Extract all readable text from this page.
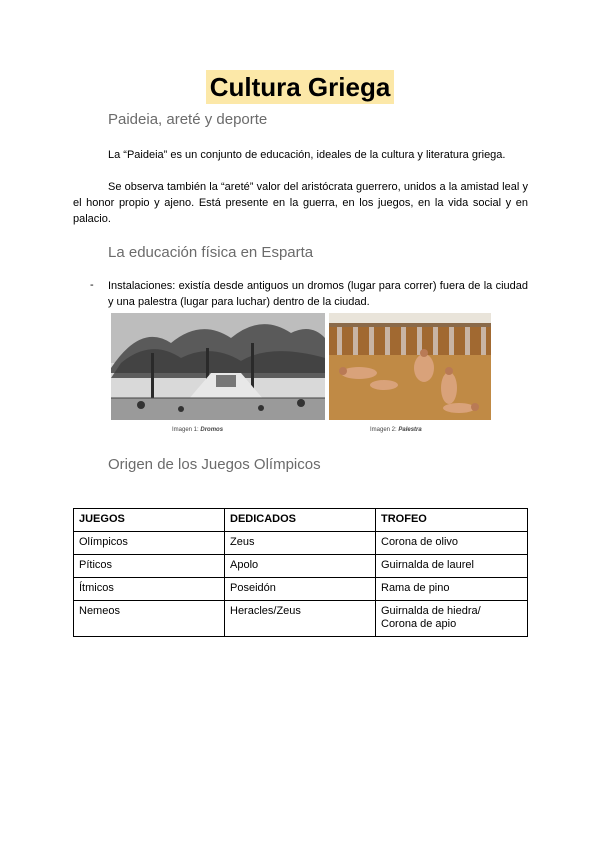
Cultura Griega
Paideia, areté y deporte

La “Paideia” es un conjunto de educación, ideales de la cultura y literatura griega.

Se observa también la “areté” valor del aristócrata guerrero, unidos a la amistad leal y el honor propio y ajeno. Está presente en la guerra, en los juegos, en la vida social y en palacio.

La educación física en Esparta
- Instalaciones: existía desde antiguos un dromos (lugar para correr) fuera de la ciudad y una palestra (lugar para luchar) dentro de la ciudad.
Imagen 1: Dromos	Imagen 2: Palestra
Origen de los Juegos Olímpicos
JUEGOS	DEDICADOS	TROFEO
Olímpicos	Zeus	Corona de olivo
Píticos	Apolo	Guirnalda de laurel
Ítmicos	Poseidón	Rama de pino
Nemeos	Heracles/Zeus	Guirnalda de hiedra/
Corona de apio
